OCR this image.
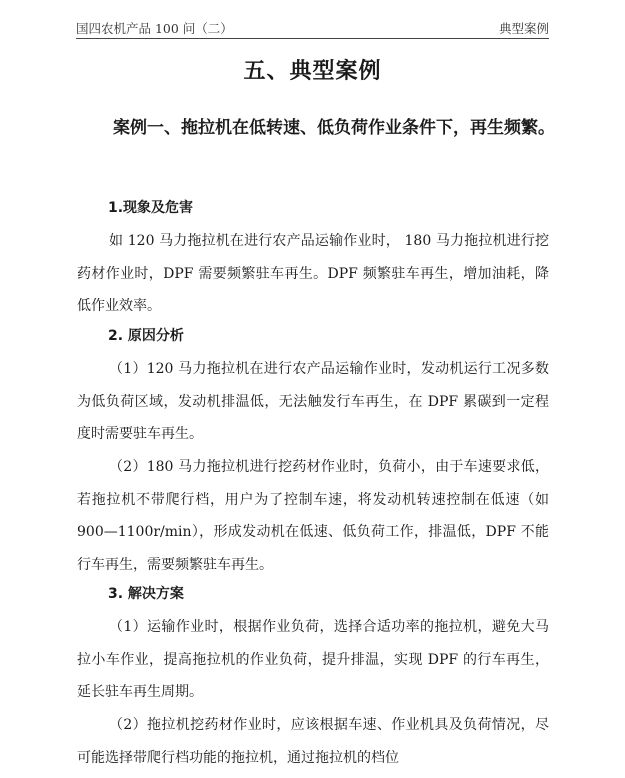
国四农机产品 100 问（二）	典型案例
五、典型案例
案例一、拖拉机在低转速、低负荷作业条件下，再生频繁。
1.现象及危害

如 120 马力拖拉机在进行农产品运输作业时， 180 马力拖拉机进行挖药材作业时，DPF 需要频繁驻车再生。DPF 频繁驻车再生，增加油耗，降低作业效率。

2. 原因分析

（1）120 马力拖拉机在进行农产品运输作业时，发动机运行工况多数为低负荷区域，发动机排温低，无法触发行车再生，在 DPF 累碳到一定程度时需要驻车再生。

（2）180 马力拖拉机进行挖药材作业时，负荷小，由于车速要求低，若拖拉机不带爬行档，用户为了控制车速，将发动机转速控制在低速（如 900—1100r/min），形成发动机在低速、低负荷工作，排温低，DPF 不能行车再生，需要频繁驻车再生。

3. 解决方案

（1）运输作业时，根据作业负荷，选择合适功率的拖拉机，避免大马拉小车作业，提高拖拉机的作业负荷，提升排温，实现 DPF 的行车再生，延长驻车再生周期。

（2）拖拉机挖药材作业时，应该根据车速、作业机具及负荷情况，尽可能选择带爬行档功能的拖拉机，通过拖拉机的档位
